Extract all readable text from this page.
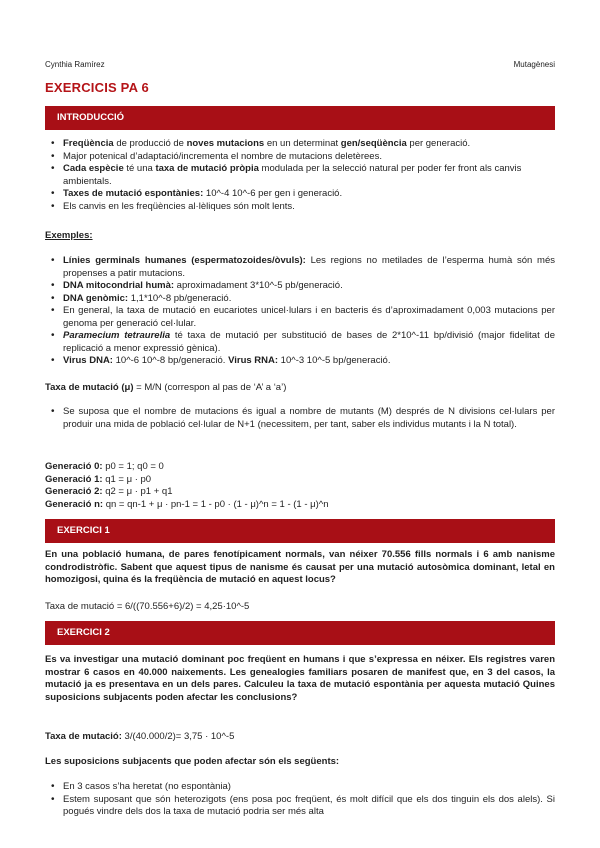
Cynthia Ramírez	Mutagènesi
EXERCICIS PA 6
INTRODUCCIÓ
• Freqüència de producció de noves mutacions en un determinat gen/seqüència per generació.
• Major potenical d’adaptació/incrementa el nombre de mutacions deletèrees.
• Cada espècie té una taxa de mutació pròpia modulada per la selecció natural per poder fer front als canvis ambientals.
• Taxes de mutació espontànies: 10^-4 10^-6 per gen i generació.
• Els canvis en les freqüències al·lèliques són molt lents.
Exemples:
• Línies germinals humanes (espermatozoides/òvuls): Les regions no metilades de l’esperma humà són més propenses a patir mutacions.
• DNA mitocondrial humà: aproximadament 3*10^-5 pb/generació.
• DNA genòmic: 1,1*10^-8 pb/generació.
• En general, la taxa de mutació en eucariotes unicel·lulars i en bacteris és d’aproximadament 0,003 mutacions per genoma per generació cel·lular.
• Paramecium tetraurelia té taxa de mutació per substitució de bases de 2*10^-11 bp/divisió (major fidelitat de replicació a menor expressió gènica).
• Virus DNA: 10^-6 10^-8 bp/generació. Virus RNA: 10^-3 10^-5 bp/generació.
Taxa de mutació (μ) = M/N (correspon al pas de ‘A’ a ‘a’)
• Se suposa que el nombre de mutacions és igual a nombre de mutants (M) després de N divisions cel·lulars per produir una mida de població cel·lular de N+1 (necessitem, per tant, saber els individus mutants i la N total).
Generació 0: p0 = 1; q0 = 0
Generació 1: q1 = μ · p0
Generació 2: q2 = μ · p1 + q1
Generació n: qn = qn-1 + μ · pn-1 = 1 - p0 · (1 - μ)^n = 1 - (1 - μ)^n
EXERCICI 1
En una població humana, de pares fenotípicament normals, van néixer 70.556 fills normals i 6 amb nanisme condrodistròfic. Sabent que aquest tipus de nanisme és causat per una mutació autosòmica dominant, letal en homozigosi, quina és la freqüència de mutació en aquest locus?
Taxa de mutació = 6/((70.556+6)/2) = 4,25·10^-5
EXERCICI 2
Es va investigar una mutació dominant poc freqüent en humans i que s’expressa en néixer. Els registres varen mostrar 6 casos en 40.000 naixements. Les genealogies familiars posaren de manifest que, en 3 del casos, la mutació ja es presentava en un dels pares. Calculeu la taxa de mutació espontània per aquesta mutació Quines suposicions subjacents poden afectar les conclusions?
Taxa de mutació: 3/(40.000/2)= 3,75 · 10^-5
Les suposicions subjacents que poden afectar són els següents:
• En 3 casos s’ha heretat (no espontània)
• Estem suposant que són heterozigots (ens posa poc freqüent, és molt difícil que els dos tinguin els dos alels). Si pogués vindre dels dos la taxa de mutació podria ser més alta
